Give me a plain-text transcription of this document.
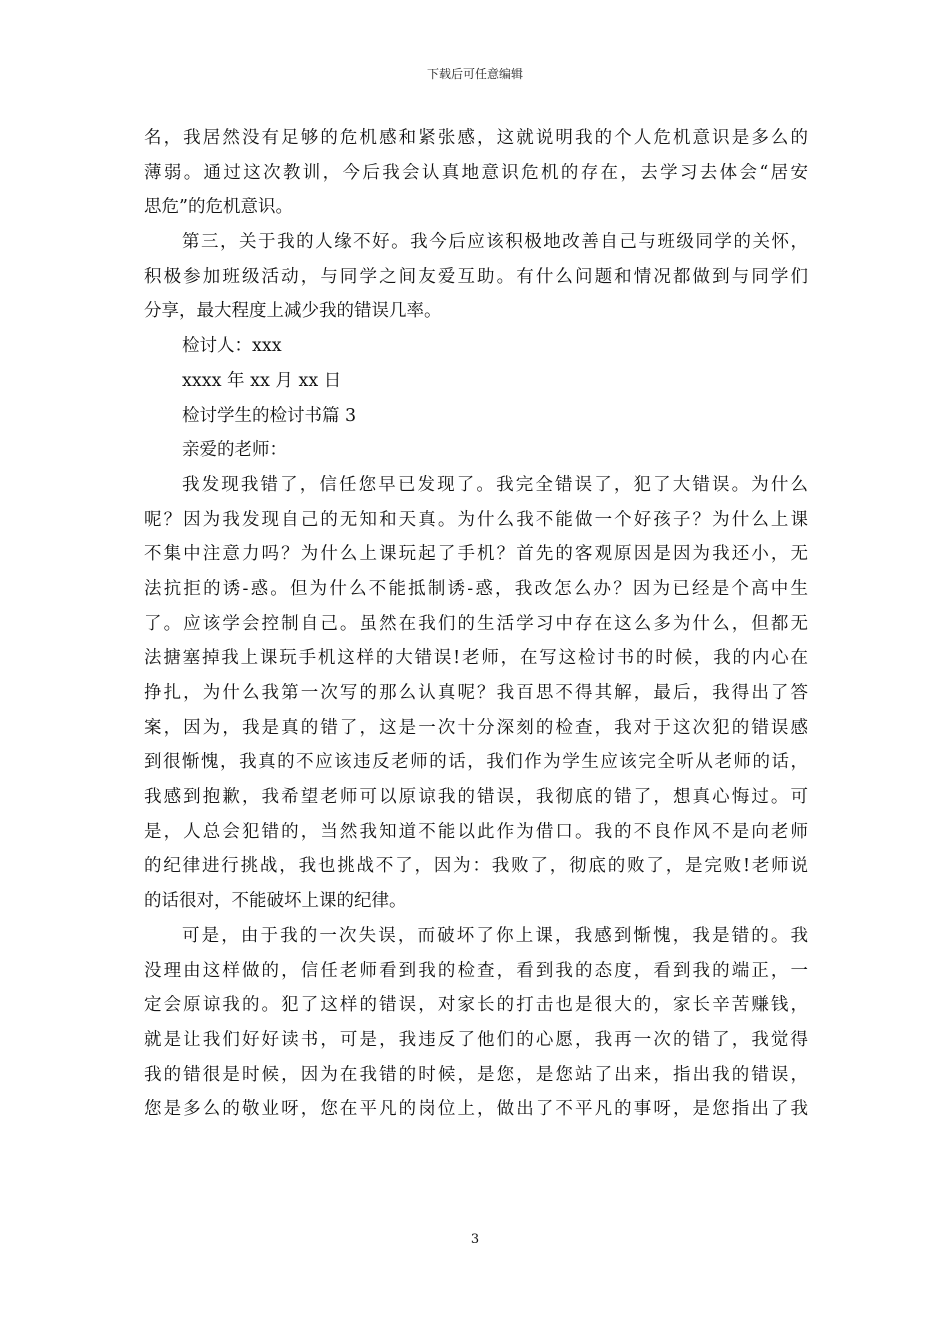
下载后可任意编辑
名，我居然没有足够的危机感和紧张感，这就说明我的个人危机意识是多么的
薄弱。通过这次教训，今后我会认真地意识危机的存在，去学习去体会“居安
思危”的危机意识。
第三，关于我的人缘不好。我今后应该积极地改善自己与班级同学的关怀，
积极参加班级活动，与同学之间友爱互助。有什么问题和情况都做到与同学们
分享，最大程度上减少我的错误几率。
检讨人：xxx
xxxx 年 xx 月 xx 日
检讨学生的检讨书篇 3
亲爱的老师：
我发现我错了，信任您早已发现了。我完全错误了，犯了大错误。为什么
呢？因为我发现自己的无知和天真。为什么我不能做一个好孩子？为什么上课
不集中注意力吗？为什么上课玩起了手机？首先的客观原因是因为我还小，无
法抗拒的诱-惑。但为什么不能抵制诱-惑，我改怎么办？因为已经是个高中生
了。应该学会控制自己。虽然在我们的生活学习中存在这么多为什么，但都无
法搪塞掉我上课玩手机这样的大错误!老师，在写这检讨书的时候，我的内心在
挣扎，为什么我第一次写的那么认真呢？我百思不得其解，最后，我得出了答
案，因为，我是真的错了，这是一次十分深刻的检查，我对于这次犯的错误感
到很惭愧，我真的不应该违反老师的话，我们作为学生应该完全听从老师的话，
我感到抱歉，我希望老师可以原谅我的错误，我彻底的错了，想真心悔过。可
是，人总会犯错的，当然我知道不能以此作为借口。我的不良作风不是向老师
的纪律进行挑战，我也挑战不了，因为：我败了，彻底的败了，是完败!老师说
的话很对，不能破坏上课的纪律。
可是，由于我的一次失误，而破坏了你上课，我感到惭愧，我是错的。我
没理由这样做的，信任老师看到我的检查，看到我的态度，看到我的端正，一
定会原谅我的。犯了这样的错误，对家长的打击也是很大的，家长辛苦赚钱，
就是让我们好好读书，可是，我违反了他们的心愿，我再一次的错了，我觉得
我的错很是时候，因为在我错的时候，是您，是您站了出来，指出我的错误，
您是多么的敬业呀，您在平凡的岗位上，做出了不平凡的事呀，是您指出了我
3
